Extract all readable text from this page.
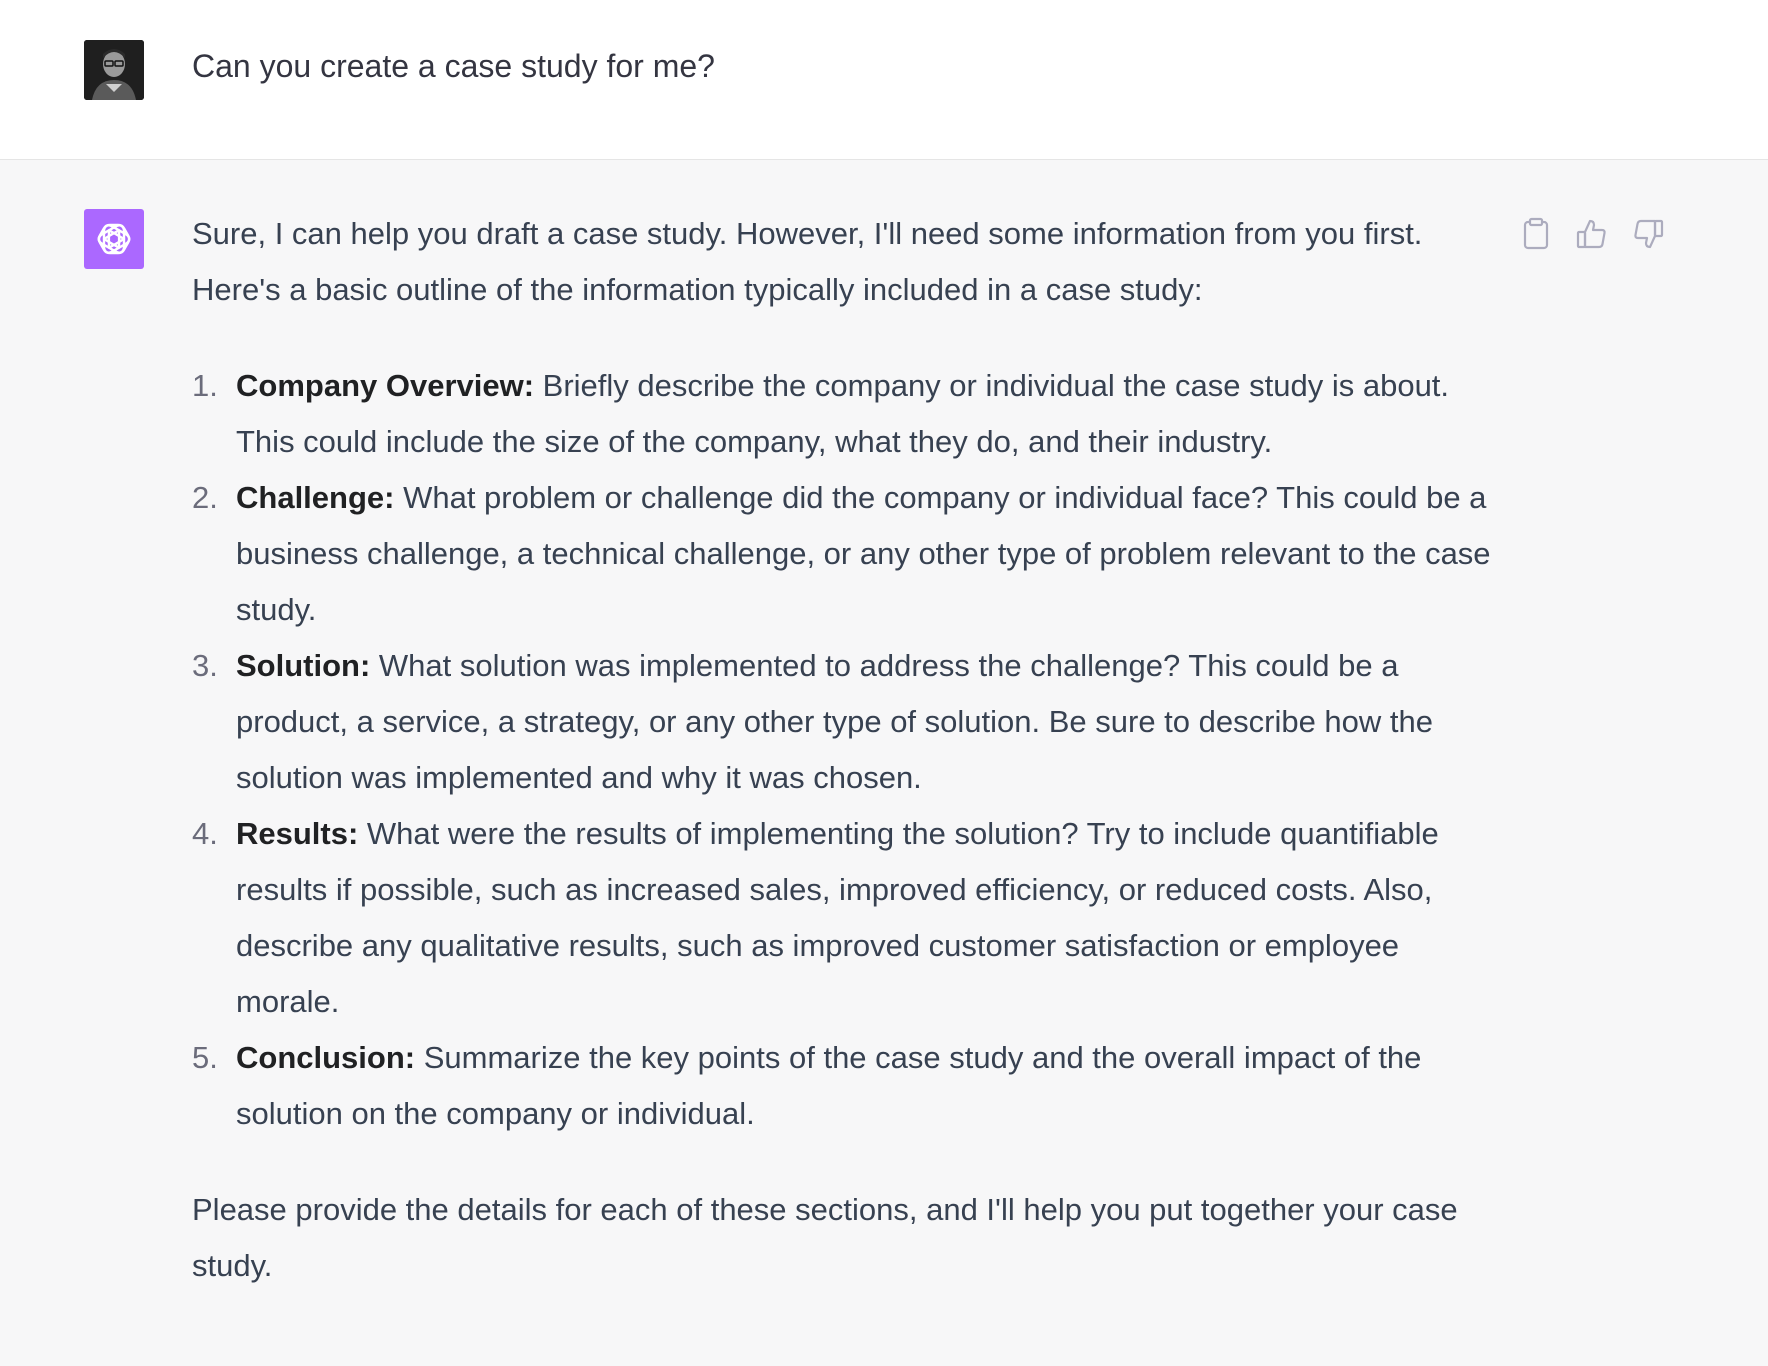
Can you create a case study for me?

Sure, I can help you draft a case study. However, I'll need some information from you first. Here's a basic outline of the information typically included in a case study:

1. Company Overview: Briefly describe the company or individual the case study is about. This could include the size of the company, what they do, and their industry.
2. Challenge: What problem or challenge did the company or individual face? This could be a business challenge, a technical challenge, or any other type of problem relevant to the case study.
3. Solution: What solution was implemented to address the challenge? This could be a product, a service, a strategy, or any other type of solution. Be sure to describe how the solution was implemented and why it was chosen.
4. Results: What were the results of implementing the solution? Try to include quantifiable results if possible, such as increased sales, improved efficiency, or reduced costs. Also, describe any qualitative results, such as improved customer satisfaction or employee morale.
5. Conclusion: Summarize the key points of the case study and the overall impact of the solution on the company or individual.

Please provide the details for each of these sections, and I'll help you put together your case study.
